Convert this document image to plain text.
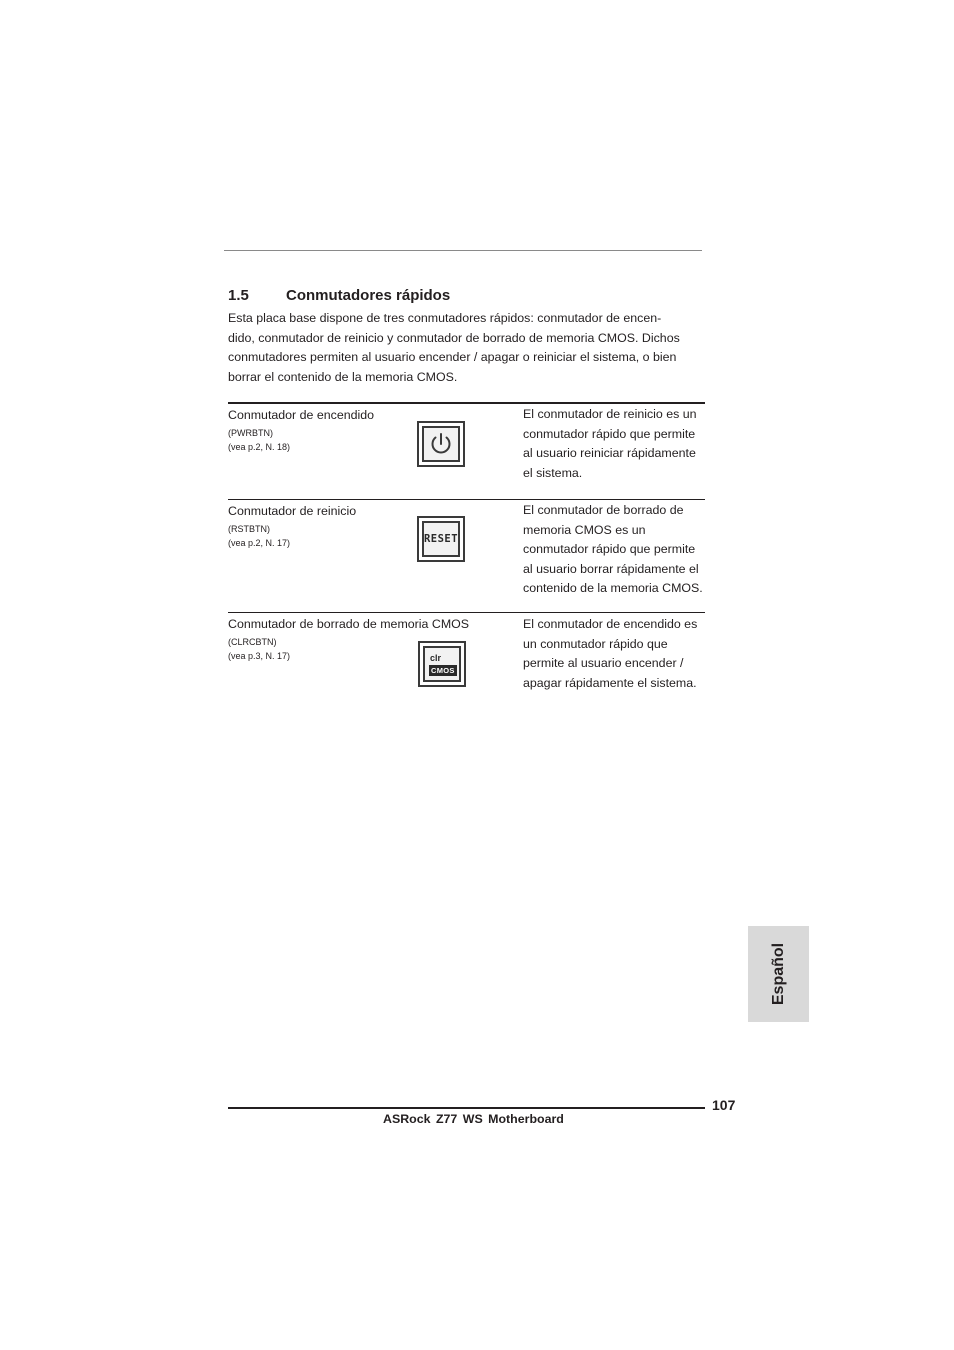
1.5 Conmutadores rápidos

Esta placa base dispone de tres conmutadores rápidos: conmutador de encen-
dido, conmutador de reinicio y conmutador de borrado de memoria CMOS. Dichos
conmutadores permiten al usuario encender / apagar o reiniciar el sistema, o bien
borrar el contenido de la memoria CMOS.

Conmutador de encendido
(PWRBTN)
(vea p.2, N. 18)

El conmutador de reinicio es un
conmutador rápido que permite
al usuario reiniciar rápidamente
el sistema.

Conmutador de reinicio
(RSTBTN)
(vea p.2, N. 17)	RESET

El conmutador de borrado de
memoria CMOS es un
conmutador rápido que permite
al usuario borrar rápidamente el
contenido de la memoria CMOS.

Conmutador de borrado de memoria CMOS
(CLRCBTN)
(vea p.3, N. 17)	clr
CMOS

El conmutador de encendido es
un conmutador rápido que
permite al usuario encender /
apagar rápidamente el sistema.

Español
107
ASRock Z77 WS Motherboard
